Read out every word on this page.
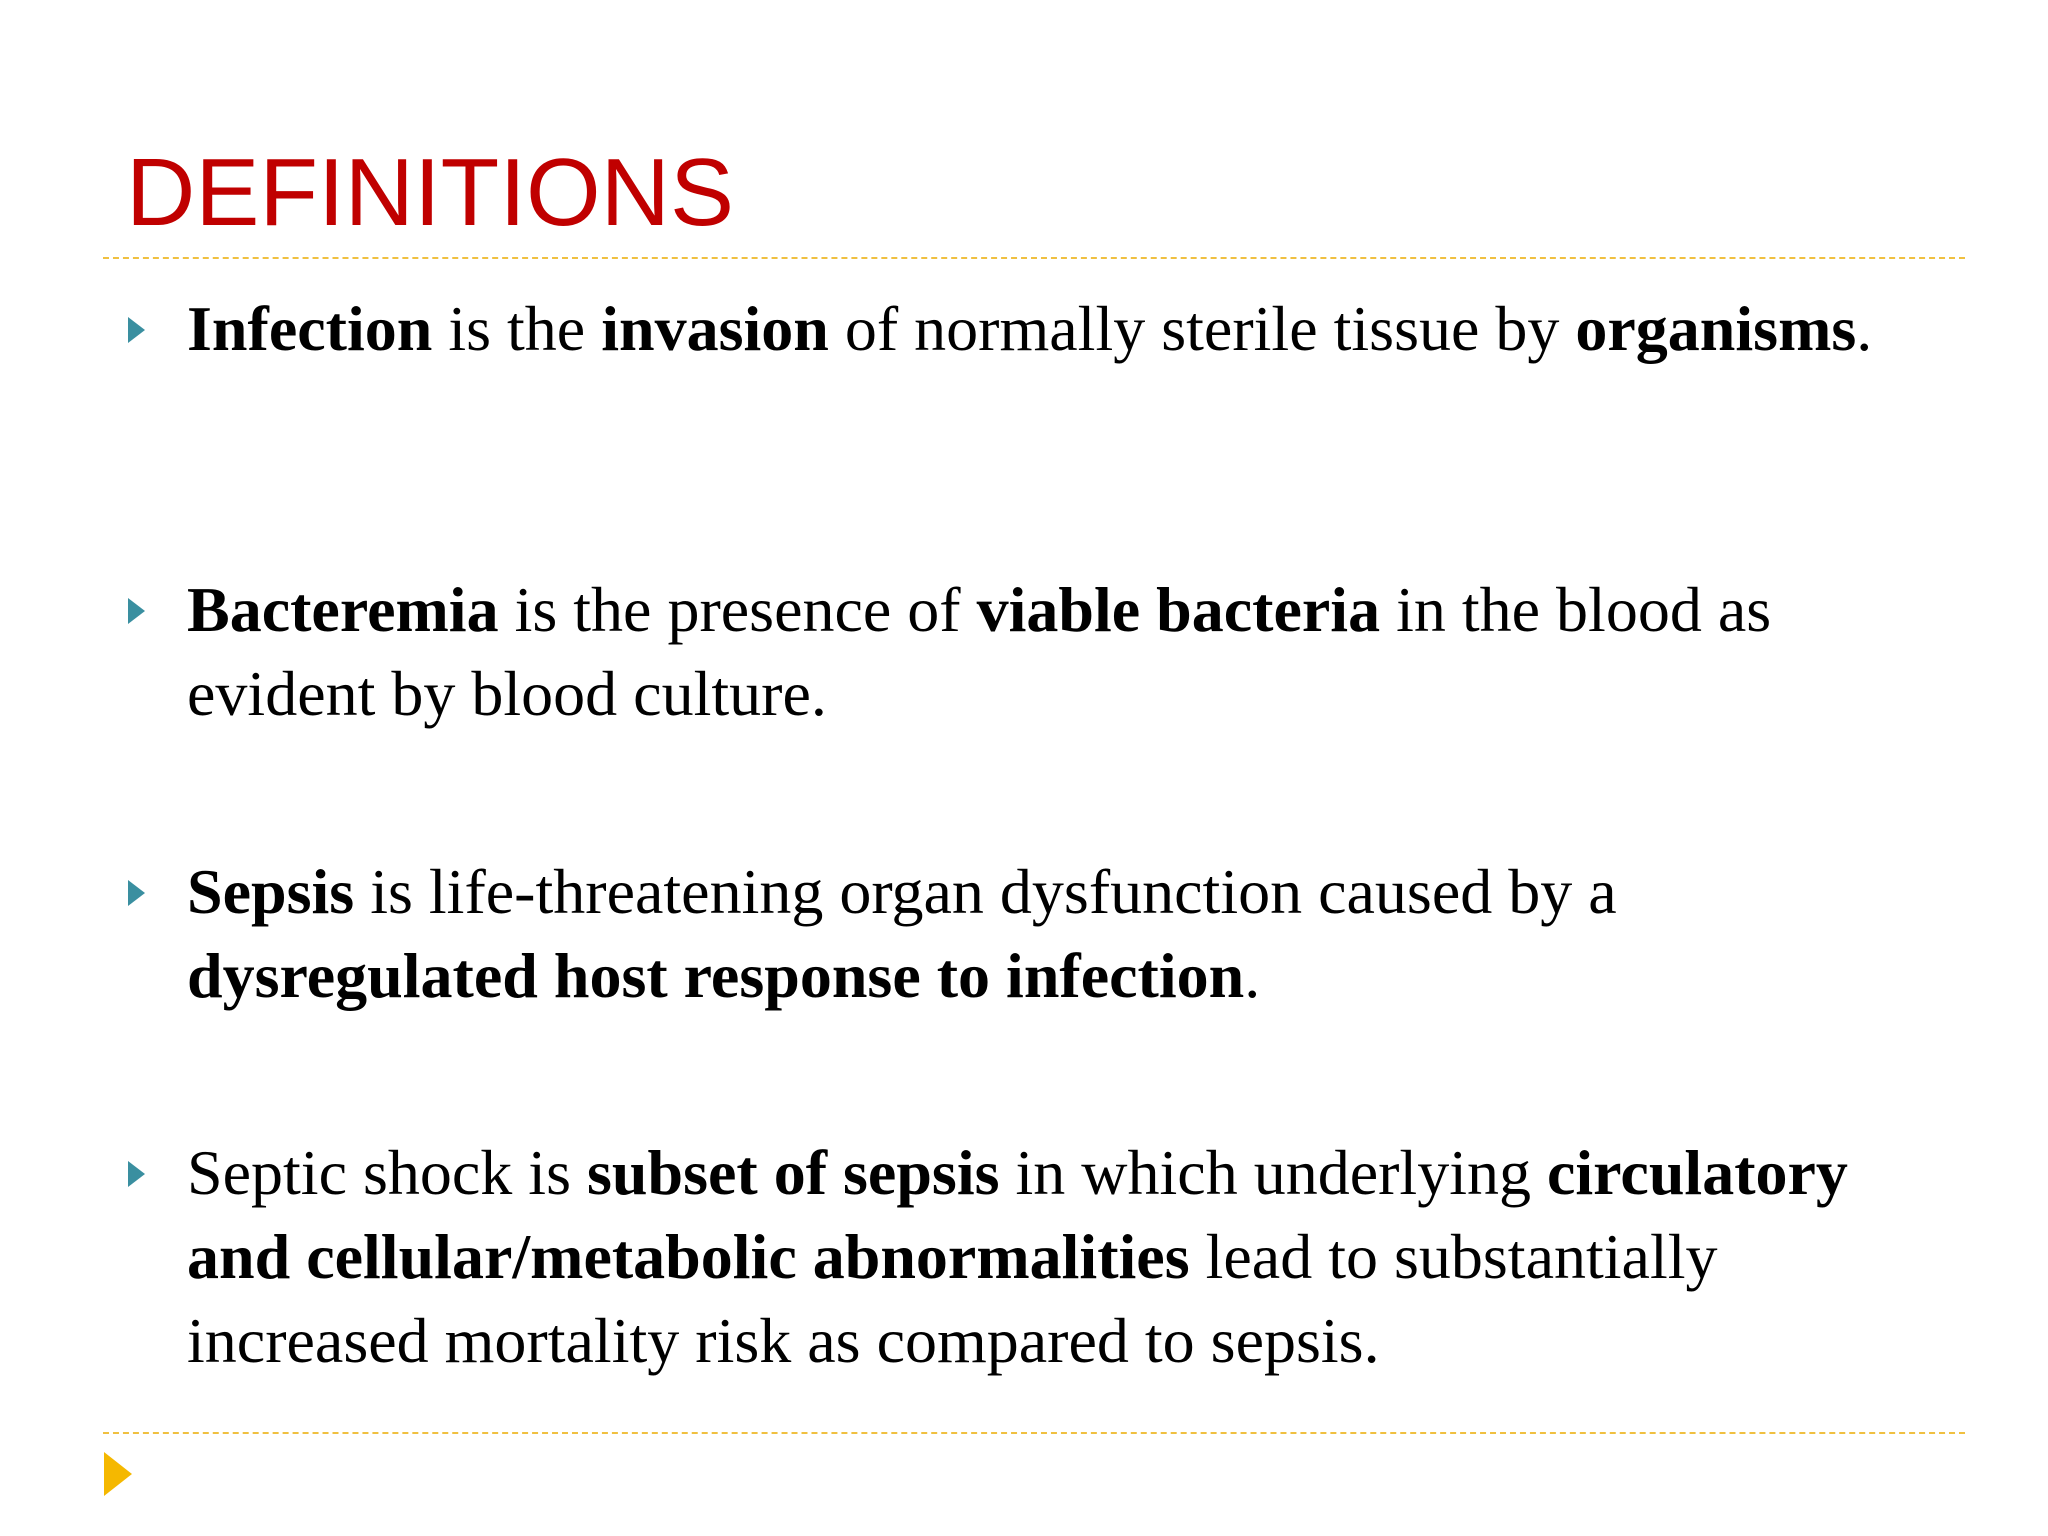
DEFINITIONS

Infection is the invasion of normally sterile tissue by organisms.

Bacteremia is the presence of viable bacteria in the blood as evident by blood culture.

Sepsis is life-threatening organ dysfunction caused by a dysregulated host response to infection.

Septic shock is subset of sepsis in which underlying circulatory and cellular/metabolic abnormalities lead to substantially increased mortality risk as compared to sepsis.
